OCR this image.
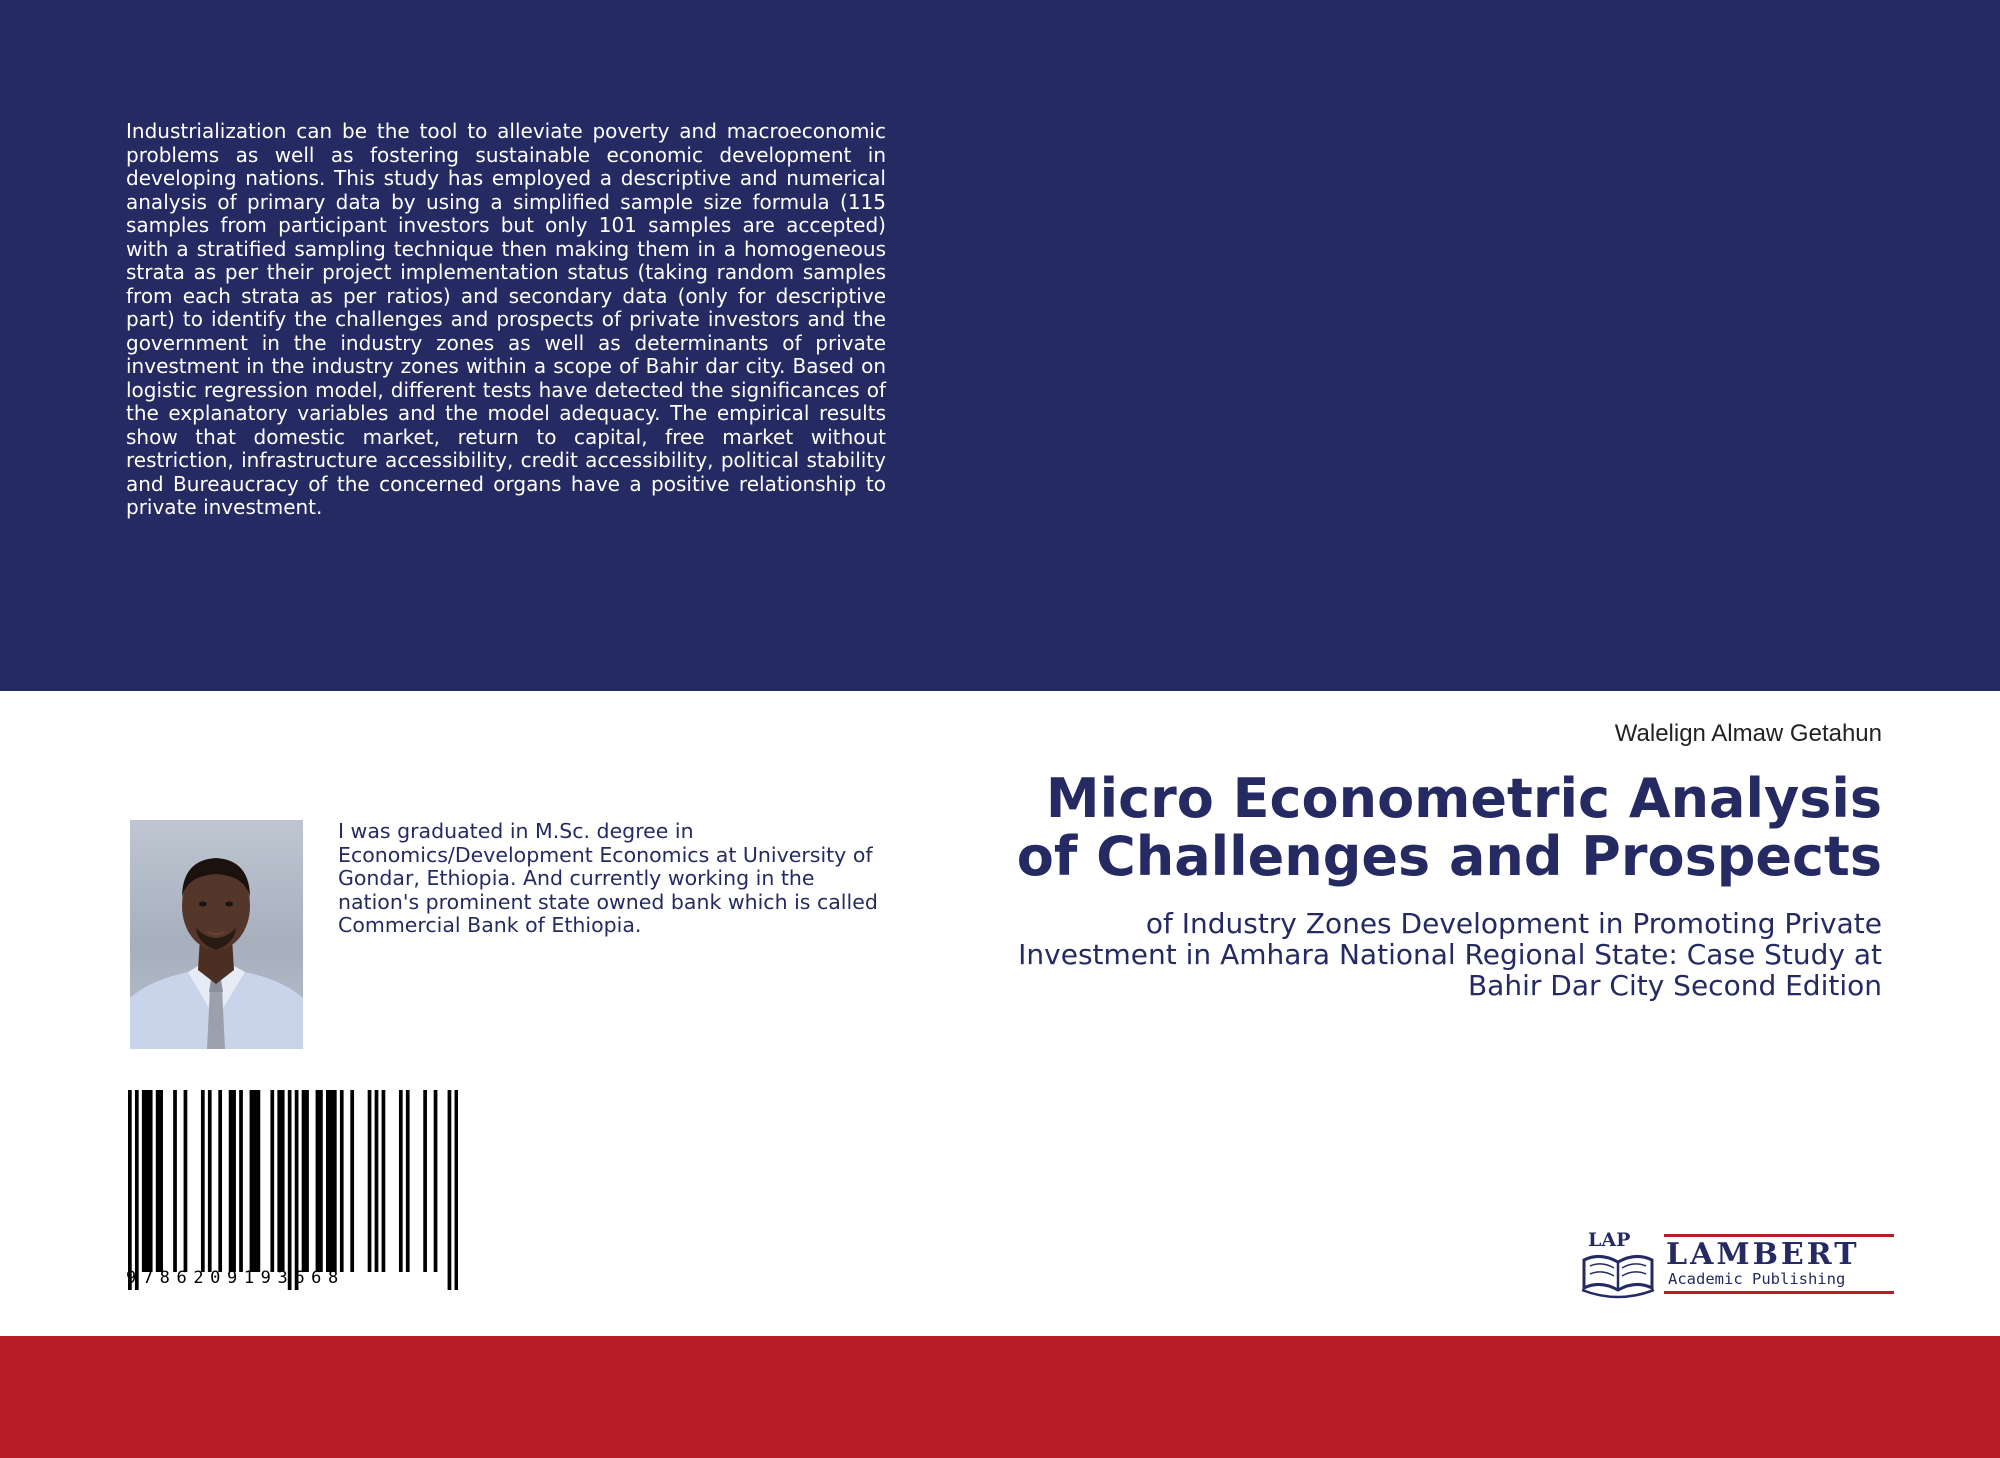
Industrialization can be the tool to alleviate poverty and macroeconomic problems as well as fostering sustainable economic development in developing nations. This study has employed a descriptive and numerical analysis of primary data by using a simplified sample size formula (115 samples from participant investors but only 101 samples are accepted) with a stratified sampling technique then making them in a homogeneous strata as per their project implementation status (taking random samples from each strata as per ratios) and secondary data (only for descriptive part) to identify the challenges and prospects of private investors and the government in the industry zones as well as determinants of private investment in the industry zones within a scope of Bahir dar city. Based on logistic regression model, different tests have detected the significances of the explanatory variables and the model adequacy. The empirical results show that domestic market, return to capital, free market without restriction, infrastructure accessibility, credit accessibility, political stability and Bureaucracy of the concerned organs have a positive relationship to private investment.

Walelign Almaw Getahun
Micro Econometric Analysis of Challenges and Prospects

of Industry Zones Development in Promoting Private Investment in Amhara National Regional State: Case Study at Bahir Dar City Second Edition

I was graduated in M.Sc. degree in Economics/Development Economics at University of Gondar, Ethiopia. And currently working in the nation's prominent state owned bank which is called Commercial Bank of Ethiopia.

9786209193668
LAP LAMBERT
Academic Publishing
